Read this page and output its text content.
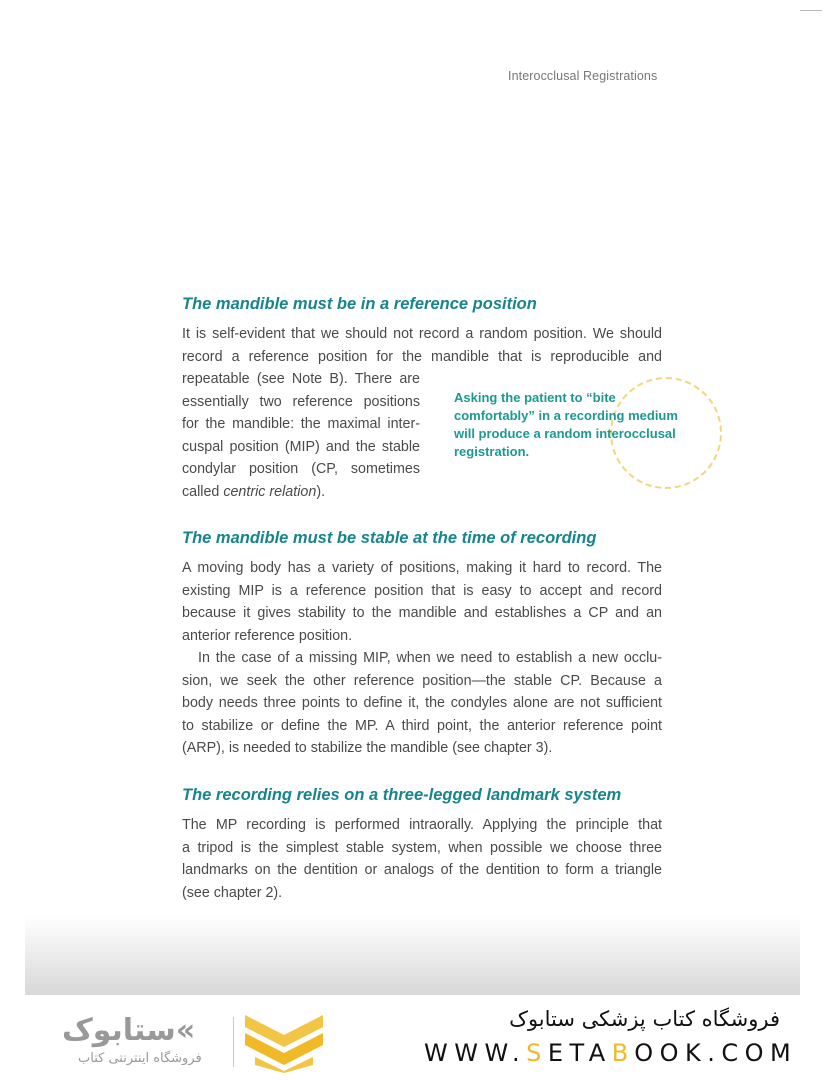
Interocclusal Registrations
The mandible must be in a reference position
It is self-evident that we should not record a random position. We should
record a reference position for the mandible that is reproducible and
repeatable (see Note B). There are
essentially two reference positions
for the mandible: the maximal inter-
cuspal position (MIP) and the stable
condylar position (CP, sometimes
called centric relation).
Asking the patient to “bite comfortably” in a recording medium will produce a random interocclusal registration.
The mandible must be stable at the time of recording
A moving body has a variety of positions, making it hard to record. The
existing MIP is a reference position that is easy to accept and record
because it gives stability to the mandible and establishes a CP and an
anterior reference position.
In the case of a missing MIP, when we need to establish a new occlu-
sion, we seek the other reference position—the stable CP. Because a
body needs three points to define it, the condyles alone are not sufficient
to stabilize or define the MP. A third point, the anterior reference point
(ARP), is needed to stabilize the mandible (see chapter 3).
The recording relies on a three-legged landmark system
The MP recording is performed intraorally. Applying the principle that
a tripod is the simplest stable system, when possible we choose three
landmarks on the dentition or analogs of the dentition to form a triangle
(see chapter 2).
ستابوک«
فروشگاه اینترنتی کتاب
فروشگاه کتاب پزشکی ستابوک
WWW.SETABOOK.COM
